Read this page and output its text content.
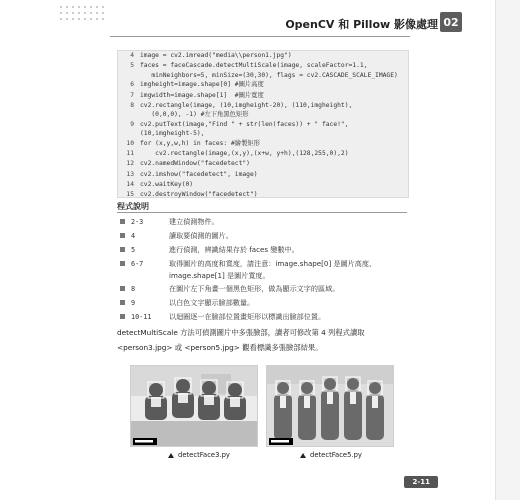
OpenCV 和 Pillow 影像處理 02
4 image = cv2.imread("media\\person1.jpg")
5 faces = faceCascade.detectMultiScale(image, scaleFactor=1.1,
minNeighbors=5, minSize=(30,30), flags = cv2.CASCADE_SCALE_IMAGE)
6 imgheight=image.shape[0] #圖片高度
7 imgwidth=image.shape[1]  #圖片寬度
8 cv2.rectangle(image, (10,imgheight-20), (110,imgheight),
(0,0,0), -1) #左下角黑色矩形
9 cv2.putText(image,"Find " + str(len(faces)) + " face!", (10,imgheight-5),

10 for (x,y,w,h) in faces: #繪製矩形
11 cv2.rectangle(image,(x,y),(x+w, y+h),(128,255,0),2)
12 cv2.namedWindow("facedetect")
13 cv2.imshow("facedetect", image)
14 cv2.waitKey(0)
15 cv2.destroyWindow("facedetect")
程式說明
2-3	建立偵測物件。
4	讀取要偵測的圖片。
5	進行偵測，辨識結果存於 faces 變數中。
6-7	取得圖片的高度和寬度，請注意：image.shape[0] 是圖片高度、image.shape[1] 是圖片寬度。
8	在圖片左下角畫一個黑色矩形，做為顯示文字的區域。
9	以白色文字顯示臉部數量。
10-11	以迴圈逐一在臉部位置畫矩形以標識出臉部位置。
detectMultiScale 方法可偵測圖片中多張臉部，讀者可修改第 4 列程式讀取 <person3.jpg> 或 <person5.jpg> 觀看標識多張臉部結果。
detectFace3.py	detectFace5.py
2-11
